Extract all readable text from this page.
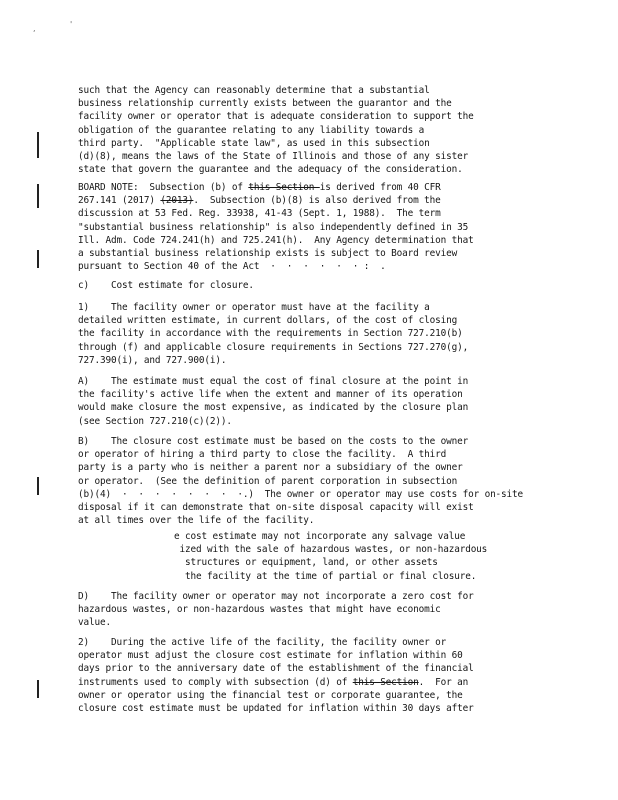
,	'
such that the Agency can reasonably determine that a substantial
business relationship currently exists between the guarantor and the
facility owner or operator that is adequate consideration to support the
obligation of the guarantee relating to any liability towards a
third party.  "Applicable state law", as used in this subsection
(d)(8), means the laws of the State of Illinois and those of any sister
state that govern the guarantee and the adequacy of the consideration.
BOARD NOTE:  Subsection (b) of this Section is derived from 40 CFR
267.141 (2017) (2013).  Subsection (b)(8) is also derived from the
discussion at 53 Fed. Reg. 33938, 41-43 (Sept. 1, 1988).  The term
"substantial business relationship" is also independently defined in 35
Ill. Adm. Code 724.241(h) and 725.241(h).  Any Agency determination that
a substantial business relationship exists is subject to Board review
pursuant to Section 40 of the Act  ·  ·  ·  ·  ·  · :  .
c)    Cost estimate for closure.
1)    The facility owner or operator must have at the facility a
detailed written estimate, in current dollars, of the cost of closing
the facility in accordance with the requirements in Section 727.210(b)
through (f) and applicable closure requirements in Sections 727.270(g),
727.390(i), and 727.900(i).
A)    The estimate must equal the cost of final closure at the point in
the facility's active life when the extent and manner of its operation
would make closure the most expensive, as indicated by the closure plan
(see Section 727.210(c)(2)).
B)    The closure cost estimate must be based on the costs to the owner
or operator of hiring a third party to close the facility.  A third
party is a party who is neither a parent nor a subsidiary of the owner
or operator.  (See the definition of parent corporation in subsection
(b)(4)  ·  ·  ·  ·  ·  ·  ·  ·.)  The owner or operator may use costs for on-site
disposal if it can demonstrate that on-site disposal capacity will exist
at all times over the life of the facility.
e cost estimate may not incorporate any salvage value
ized with the sale of hazardous wastes, or non-hazardous
structures or equipment, land, or other assets
the facility at the time of partial or final closure.
D)    The facility owner or operator may not incorporate a zero cost for
hazardous wastes, or non-hazardous wastes that might have economic
value.
2)    During the active life of the facility, the facility owner or
operator must adjust the closure cost estimate for inflation within 60
days prior to the anniversary date of the establishment of the financial
instruments used to comply with subsection (d) of this Section.  For an
owner or operator using the financial test or corporate guarantee, the
closure cost estimate must be updated for inflation within 30 days after
